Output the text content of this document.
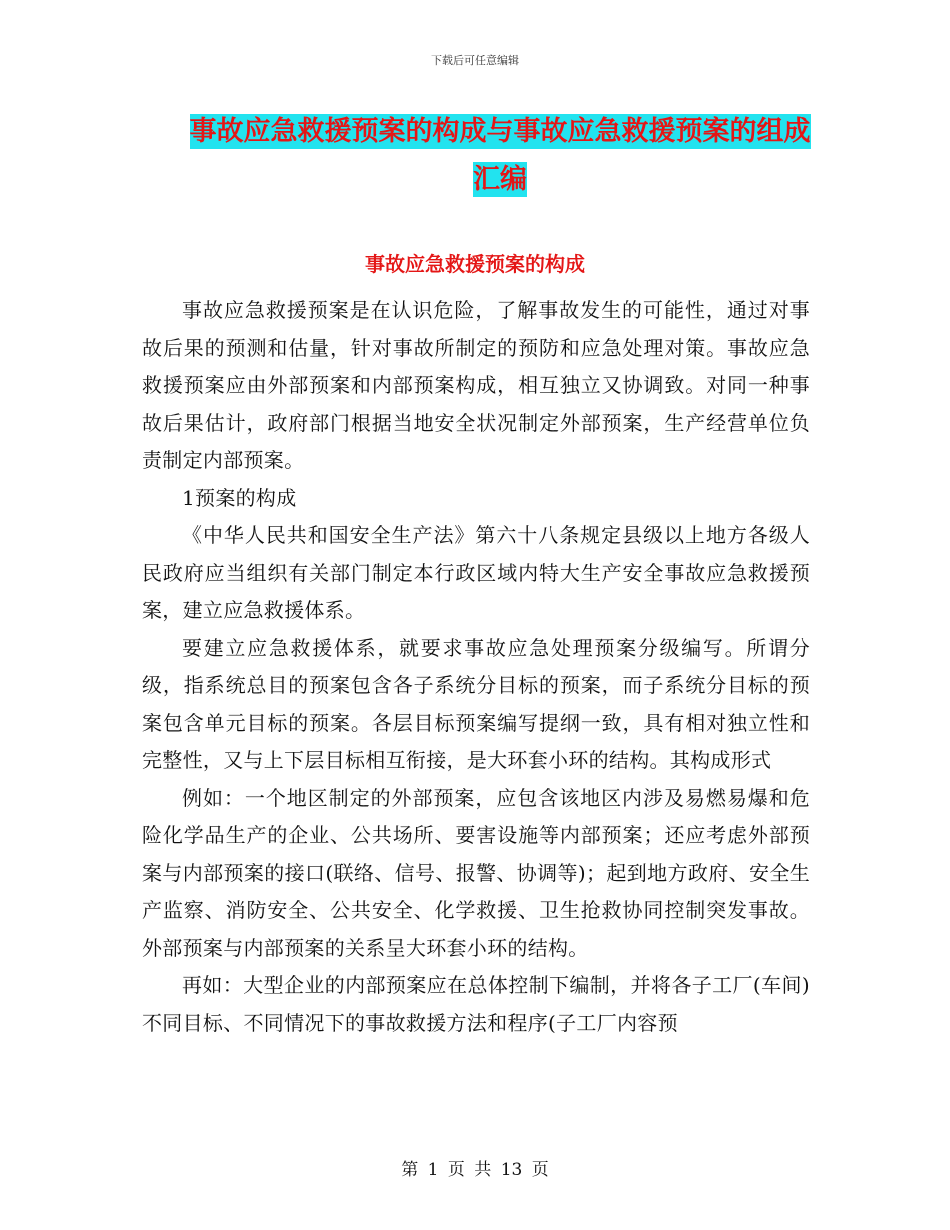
下载后可任意编辑
事故应急救援预案的构成与事故应急救援预案的组成
汇编
事故应急救援预案的构成

事故应急救援预案是在认识危险，了解事故发生的可能性，通过对事故后果的预测和估量，针对事故所制定的预防和应急处理对策。事故应急救援预案应由外部预案和内部预案构成，相互独立又协调致。对同一种事故后果估计，政府部门根据当地安全状况制定外部预案，生产经营单位负责制定内部预案。

1预案的构成

《中华人民共和国安全生产法》第六十八条规定县级以上地方各级人民政府应当组织有关部门制定本行政区域内特大生产安全事故应急救援预案，建立应急救援体系。

要建立应急救援体系，就要求事故应急处理预案分级编写。所谓分级，指系统总目的预案包含各子系统分目标的预案，而子系统分目标的预案包含单元目标的预案。各层目标预案编写提纲一致，具有相对独立性和完整性，又与上下层目标相互衔接，是大环套小环的结构。其构成形式

例如：一个地区制定的外部预案，应包含该地区内涉及易燃易爆和危险化学品生产的企业、公共场所、要害设施等内部预案；还应考虑外部预案与内部预案的接口(联络、信号、报警、协调等)；起到地方政府、安全生产监察、消防安全、公共安全、化学救援、卫生抢救协同控制突发事故。外部预案与内部预案的关系呈大环套小环的结构。

再如：大型企业的内部预案应在总体控制下编制，并将各子工厂(车间)不同目标、不同情况下的事故救援方法和程序(子工厂内容预

第 1 页 共 13 页
